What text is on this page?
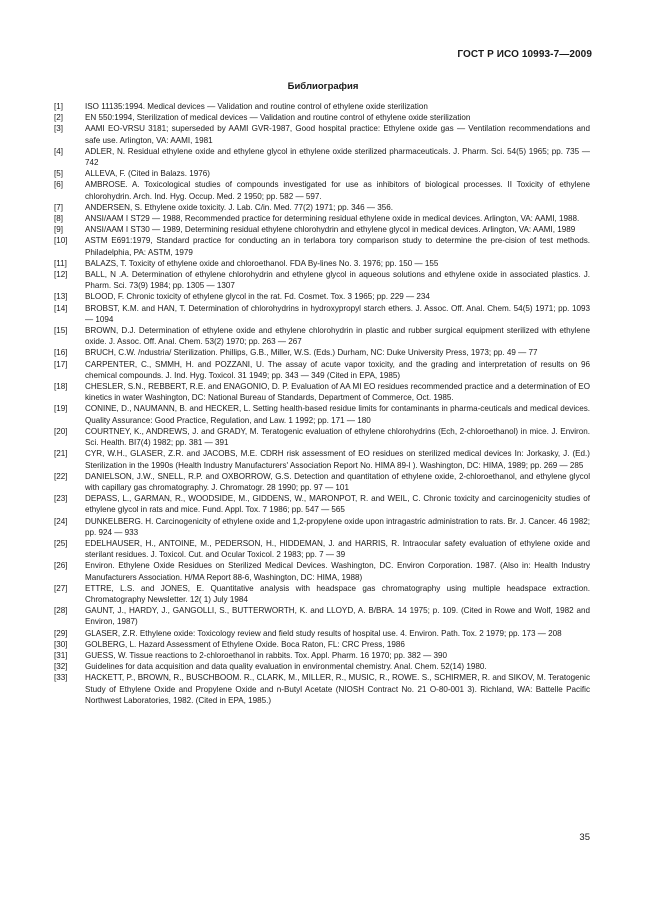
ГОСТ Р ИСО 10993-7—2009
Библиография
[1]	ISO 11135:1994. Medical devices — Validation and routine control of ethylene oxide sterilization
[2]	EN 550:1994, Sterilization of medical devices — Validation and routine control of ethylene oxide sterilization
[3]	AAMI EO-VRSU 3181; superseded by AAMI GVR-1987, Good hospital practice: Ethylene oxide gas — Ventilation recommendations and safe use. Arlington, VA: AAMI, 1981
[4]	ADLER, N. Residual ethylene oxide and ethylene glycol in ethylene oxide sterilized pharmaceuticals. J. Pharm. Sci. 54(5) 1965; pp. 735 — 742
[5]	ALLEVA, F. (Cited in Balazs. 1976)
[6]	AMBROSE. A. Toxicological studies of compounds investigated for use as inhibitors of biological processes. II Toxicity of ethylene chlorohydrin. Arch. Ind. Hyg. Occup. Med. 2 1950; pp. 582 — 597.
[7]	ANDERSEN, S. Ethylene oxide toxicity. J. Lab. C/in. Med. 77(2) 1971; pp. 346 — 356.
[8]	ANSI/AAM I ST29 — 1988, Recommended practice for determining residual ethylene oxide in medical devices. Arlington, VA: AAMI, 1988.
[9]	ANSI/AAM I ST30 — 1989, Determining residual ethylene chlorohydrin and ethylene glycol in medical devices. Arlington, VA: AAMI, 1989
[10]	ASTM E691:1979, Standard practice for conducting an in terlabora tory comparison study to determine the pre-cision of test methods. Philadelphia, PA: ASTM, 1979
[11]	BALAZS, T. Toxicity of ethylene oxide and chloroethanol. FDA By-lines No. 3. 1976; pp. 150 — 155
[12]	BALL, N .A. Determination of ethylene chlorohydrin and ethylene glycol in aqueous solutions and ethylene oxide in associated plastics. J. Pharm. Sci. 73(9) 1984; pp. 1305 — 1307
[13]	BLOOD, F. Chronic toxicity of ethylene glycol in the rat. Fd. Cosmet. Tox. 3 1965; pp. 229 — 234
[14]	BROBST, K.M. and HAN, T. Determination of chlorohydrins in hydroxypropyl starch ethers. J. Assoc. Off. Anal. Chem. 54(5) 1971; pp. 1093 — 1094
[15]	BROWN, D.J. Determination of ethylene oxide and ethylene chlorohydrin in plastic and rubber surgical equipment sterilized with ethylene oxide. J. Assoc. Off. Anal. Chem. 53(2) 1970; pp. 263 — 267
[16]	BRUCH, C.W. /ndustria/ Sterilization. Phillips, G.B., Miller, W.S. (Eds.) Durham, NC: Duke University Press, 1973; pp. 49 — 77
[17]	CARPENTER, C., SMMH, H. and POZZANI, U. The assay of acute vapor toxicity, and the grading and interpretation of results on 96 chemical compounds. J. Ind. Hyg. Toxicol. 31 1949; pp. 343 — 349 (Cited in EPA, 1985)
[18]	CHESLER, S.N., REBBERT, R.E. and ENAGONIO, D. P. Evaluation of AA MI EO residues recommended practice and a determination of EO kinetics in water Washington, DC: National Bureau of Standards, Department of Commerce, Oct. 1985.
[19]	CONINE, D., NAUMANN, B. and HECKER, L. Setting health-based residue limits for contaminants in pharma-ceuticals and medical devices. Quality Assurance: Good Practice, Regulation, and Law. 1 1992; pp. 171 — 180
[20]	COURTNEY, K., ANDREWS, J. and GRADY, M. Teratogenic evaluation of ethylene chlorohydrins (Ech, 2-chloroethanol) in mice. J. Environ. Sci. Health. BI7(4) 1982; pp. 381 — 391
[21]	CYR, W.H., GLASER, Z.R. and JACOBS, M.E. CDRH risk assessment of EO residues on sterilized medical devices In: Jorkasky, J. (Ed.) Sterilization in the 1990s (Health Industry Manufacturers' Association Report No. HIMA 89-l ). Washington, DC: HIMA, 1989; pp. 269 — 285
[22]	DANIELSON, J.W., SNELL, R.P. and OXBORROW, G.S. Detection and quantitation of ethylene oxide, 2-chloroethanol, and ethylene glycol with capillary gas chromatography. J. Chromatogr. 28 1990; pp. 97 — 101
[23]	DEPASS, L., GARMAN, R., WOODSIDE, M., GIDDENS, W., MARONPOT, R. and WEIL, C. Chronic toxicity and carcinogenicity studies of ethylene glycol in rats and mice. Fund. Appl. Tox. 7 1986; pp. 547 — 565
[24]	DUNKELBERG. H. Carcinogenicity of ethylene oxide and 1,2-propylene oxide upon intragastric administration to rats. Br. J. Cancer. 46 1982; pp. 924 — 933
[25]	EDELHAUSER, H., ANTOINE, M., PEDERSON, H., HIDDEMAN, J. and HARRIS, R. Intraocular safety evaluation of ethylene oxide and sterilant residues. J. Toxicol. Cut. and Ocular Toxicol. 2 1983; pp. 7 — 39
[26]	Environ. Ethylene Oxide Residues on Sterilized Medical Devices. Washington, DC. Environ Corporation. 1987. (Also in: Health Industry Manufacturers Association. H/MA Report 88-6, Washington, DC: HIMA, 1988)
[27]	ETTRE, L.S. and JONES, E. Quantitative analysis with headspace gas chromatography using multiple headspace extraction. Chromatography Newsletter. 12( 1) July 1984
[28]	GAUNT, J., HARDY, J., GANGOLLI, S., BUTTERWORTH, K. and LLOYD, A. B/BRA. 14 1975; p. 109. (Cited in Rowe and Wolf, 1982 and Environ, 1987)
[29]	GLASER, Z.R. Ethylene oxide: Toxicology review and field study results of hospital use. 4. Environ. Path. Tox. 2 1979; pp. 173 — 208
[30]	GOLBERG, L. Hazard Assessment of Ethylene Oxide. Boca Raton, FL: CRC Press, 1986
[31]	GUESS, W. Tissue reactions to 2-chloroethanol in rabbits. Tox. Appl. Pharm. 16 1970; pp. 382 — 390
[32]	Guidelines for data acquisition and data quality evaluation in environmental chemistry. Anal. Chem. 52(14) 1980.
[33]	HACKETT, P., BROWN, R., BUSCHBOOM. R., CLARK, M., MILLER, R., MUSIC, R., ROWE. S., SCHIRMER, R. and SIKOV, M. Teratogenic Study of Ethylene Oxide and Propylene Oxide and n-Butyl Acetate (NIOSH Contract No. 21 O-80-001 3). Richland, WA: Battelle Pacific Northwest Laboratories, 1982. (Cited in EPA, 1985.)
35
